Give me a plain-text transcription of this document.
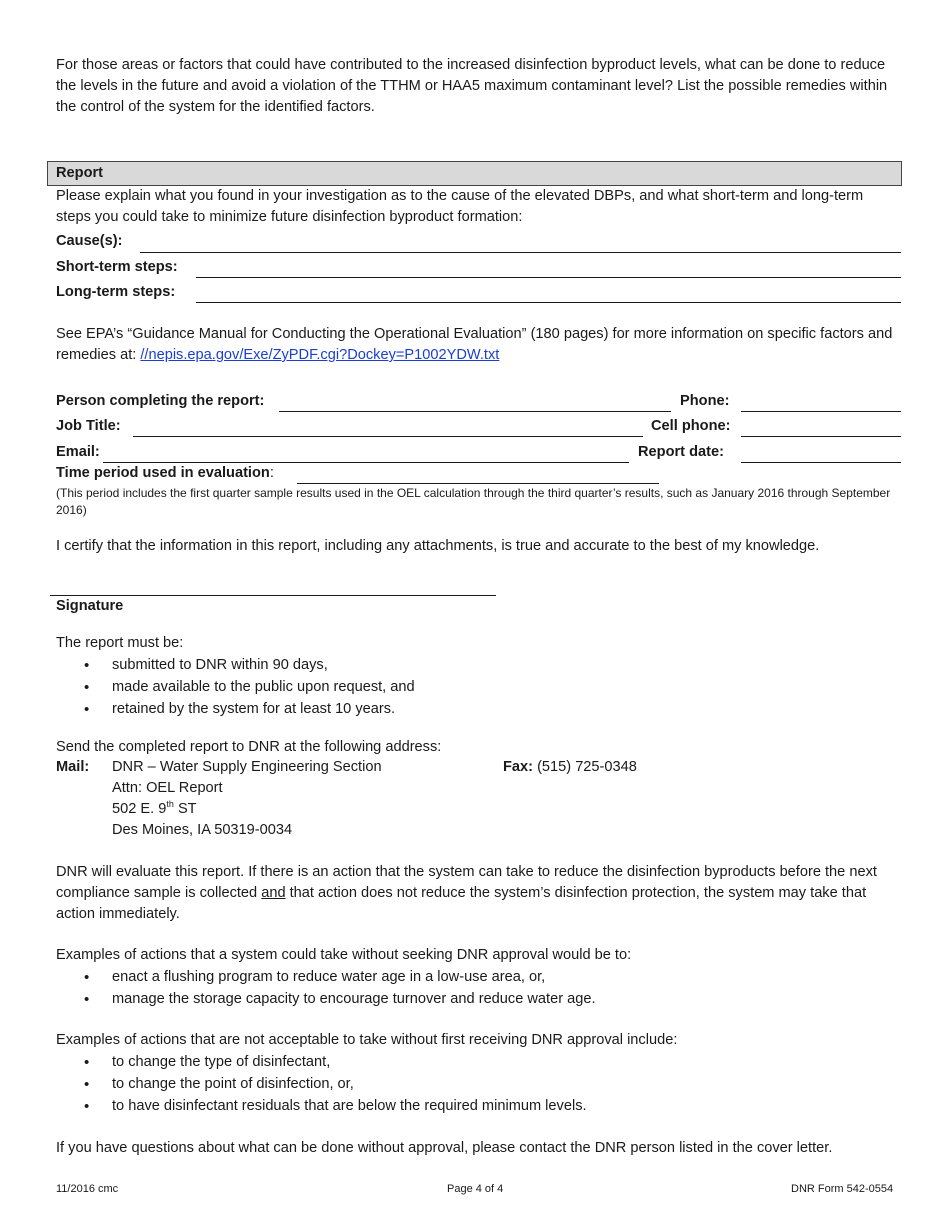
For those areas or factors that could have contributed to the increased disinfection byproduct levels, what can be done to reduce the levels in the future and avoid a violation of the TTHM or HAA5 maximum contaminant level? List the possible remedies within the control of the system for the identified factors.
Report
Please explain what you found in your investigation as to the cause of the elevated DBPs, and what short-term and long-term steps you could take to minimize future disinfection byproduct formation:
Cause(s):
Short-term steps:
Long-term steps:
See EPA’s “Guidance Manual for Conducting the Operational Evaluation” (180 pages) for more information on specific factors and remedies at: //nepis.epa.gov/Exe/ZyPDF.cgi?Dockey=P1002YDW.txt
Person completing the report:	Phone:
Job Title:	Cell phone:
Email:	Report date:
Time period used in evaluation:
(This period includes the first quarter sample results used in the OEL calculation through the third quarter’s results, such as January 2016 through September 2016)
I certify that the information in this report, including any attachments, is true and accurate to the best of my knowledge.
Signature
The report must be:
• submitted to DNR within 90 days,
• made available to the public upon request, and
• retained by the system for at least 10 years.
Send the completed report to DNR at the following address:
Mail: DNR – Water Supply Engineering Section
Attn: OEL Report
502 E. 9th ST
Des Moines, IA 50319-0034
Fax: (515) 725-0348
DNR will evaluate this report. If there is an action that the system can take to reduce the disinfection byproducts before the next compliance sample is collected and that action does not reduce the system’s disinfection protection, the system may take that action immediately.
Examples of actions that a system could take without seeking DNR approval would be to:
• enact a flushing program to reduce water age in a low-use area, or,
• manage the storage capacity to encourage turnover and reduce water age.
Examples of actions that are not acceptable to take without first receiving DNR approval include:
• to change the type of disinfectant,
• to change the point of disinfection, or,
• to have disinfectant residuals that are below the required minimum levels.
If you have questions about what can be done without approval, please contact the DNR person listed in the cover letter.
11/2016 cmc	Page 4 of 4	DNR Form 542-0554
